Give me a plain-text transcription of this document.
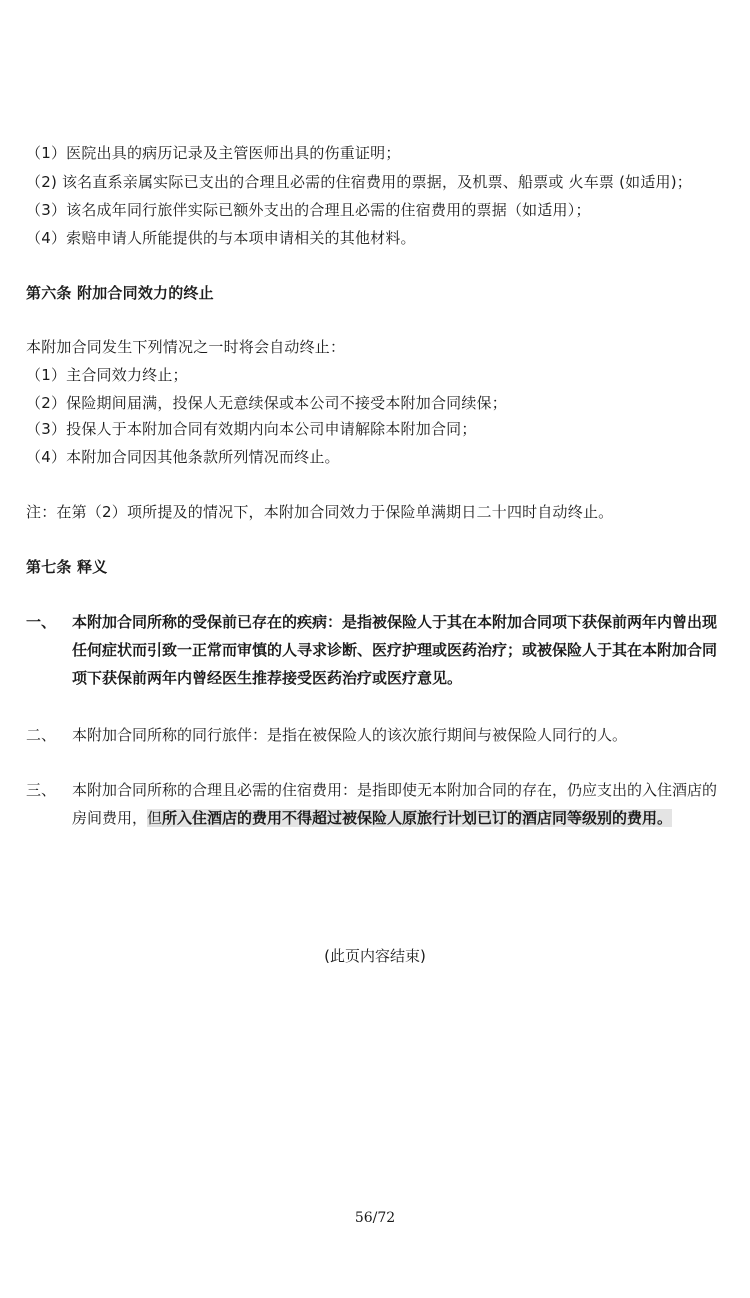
（1）医院出具的病历记录及主管医师出具的伤重证明；
（2) 该名直系亲属实际已支出的合理且必需的住宿费用的票据，及机票、船票或 火车票 (如适用)；
（3）该名成年同行旅伴实际已额外支出的合理且必需的住宿费用的票据（如适用）；
（4）索赔申请人所能提供的与本项申请相关的其他材料。
第六条 附加合同效力的终止
本附加合同发生下列情况之一时将会自动终止：
（1）主合同效力终止；
（2）保险期间届满，投保人无意续保或本公司不接受本附加合同续保；
（3）投保人于本附加合同有效期内向本公司申请解除本附加合同；
（4）本附加合同因其他条款所列情况而终止。
注：在第（2）项所提及的情况下，本附加合同效力于保险单满期日二十四时自动终止。
第七条 释义
一、 本附加合同所称的受保前已存在的疾病：是指被保险人于其在本附加合同项下获保前两年内曾出现任何症状而引致一正常而审慎的人寻求诊断、医疗护理或医药治疗；或被保险人于其在本附加合同项下获保前两年内曾经医生推荐接受医药治疗或医疗意见。
二、 本附加合同所称的同行旅伴：是指在被保险人的该次旅行期间与被保险人同行的人。
三、 本附加合同所称的合理且必需的住宿费用：是指即使无本附加合同的存在，仍应支出的入住酒店的房间费用，但所入住酒店的费用不得超过被保险人原旅行计划已订的酒店同等级别的费用。
(此页内容结束)
56/72
